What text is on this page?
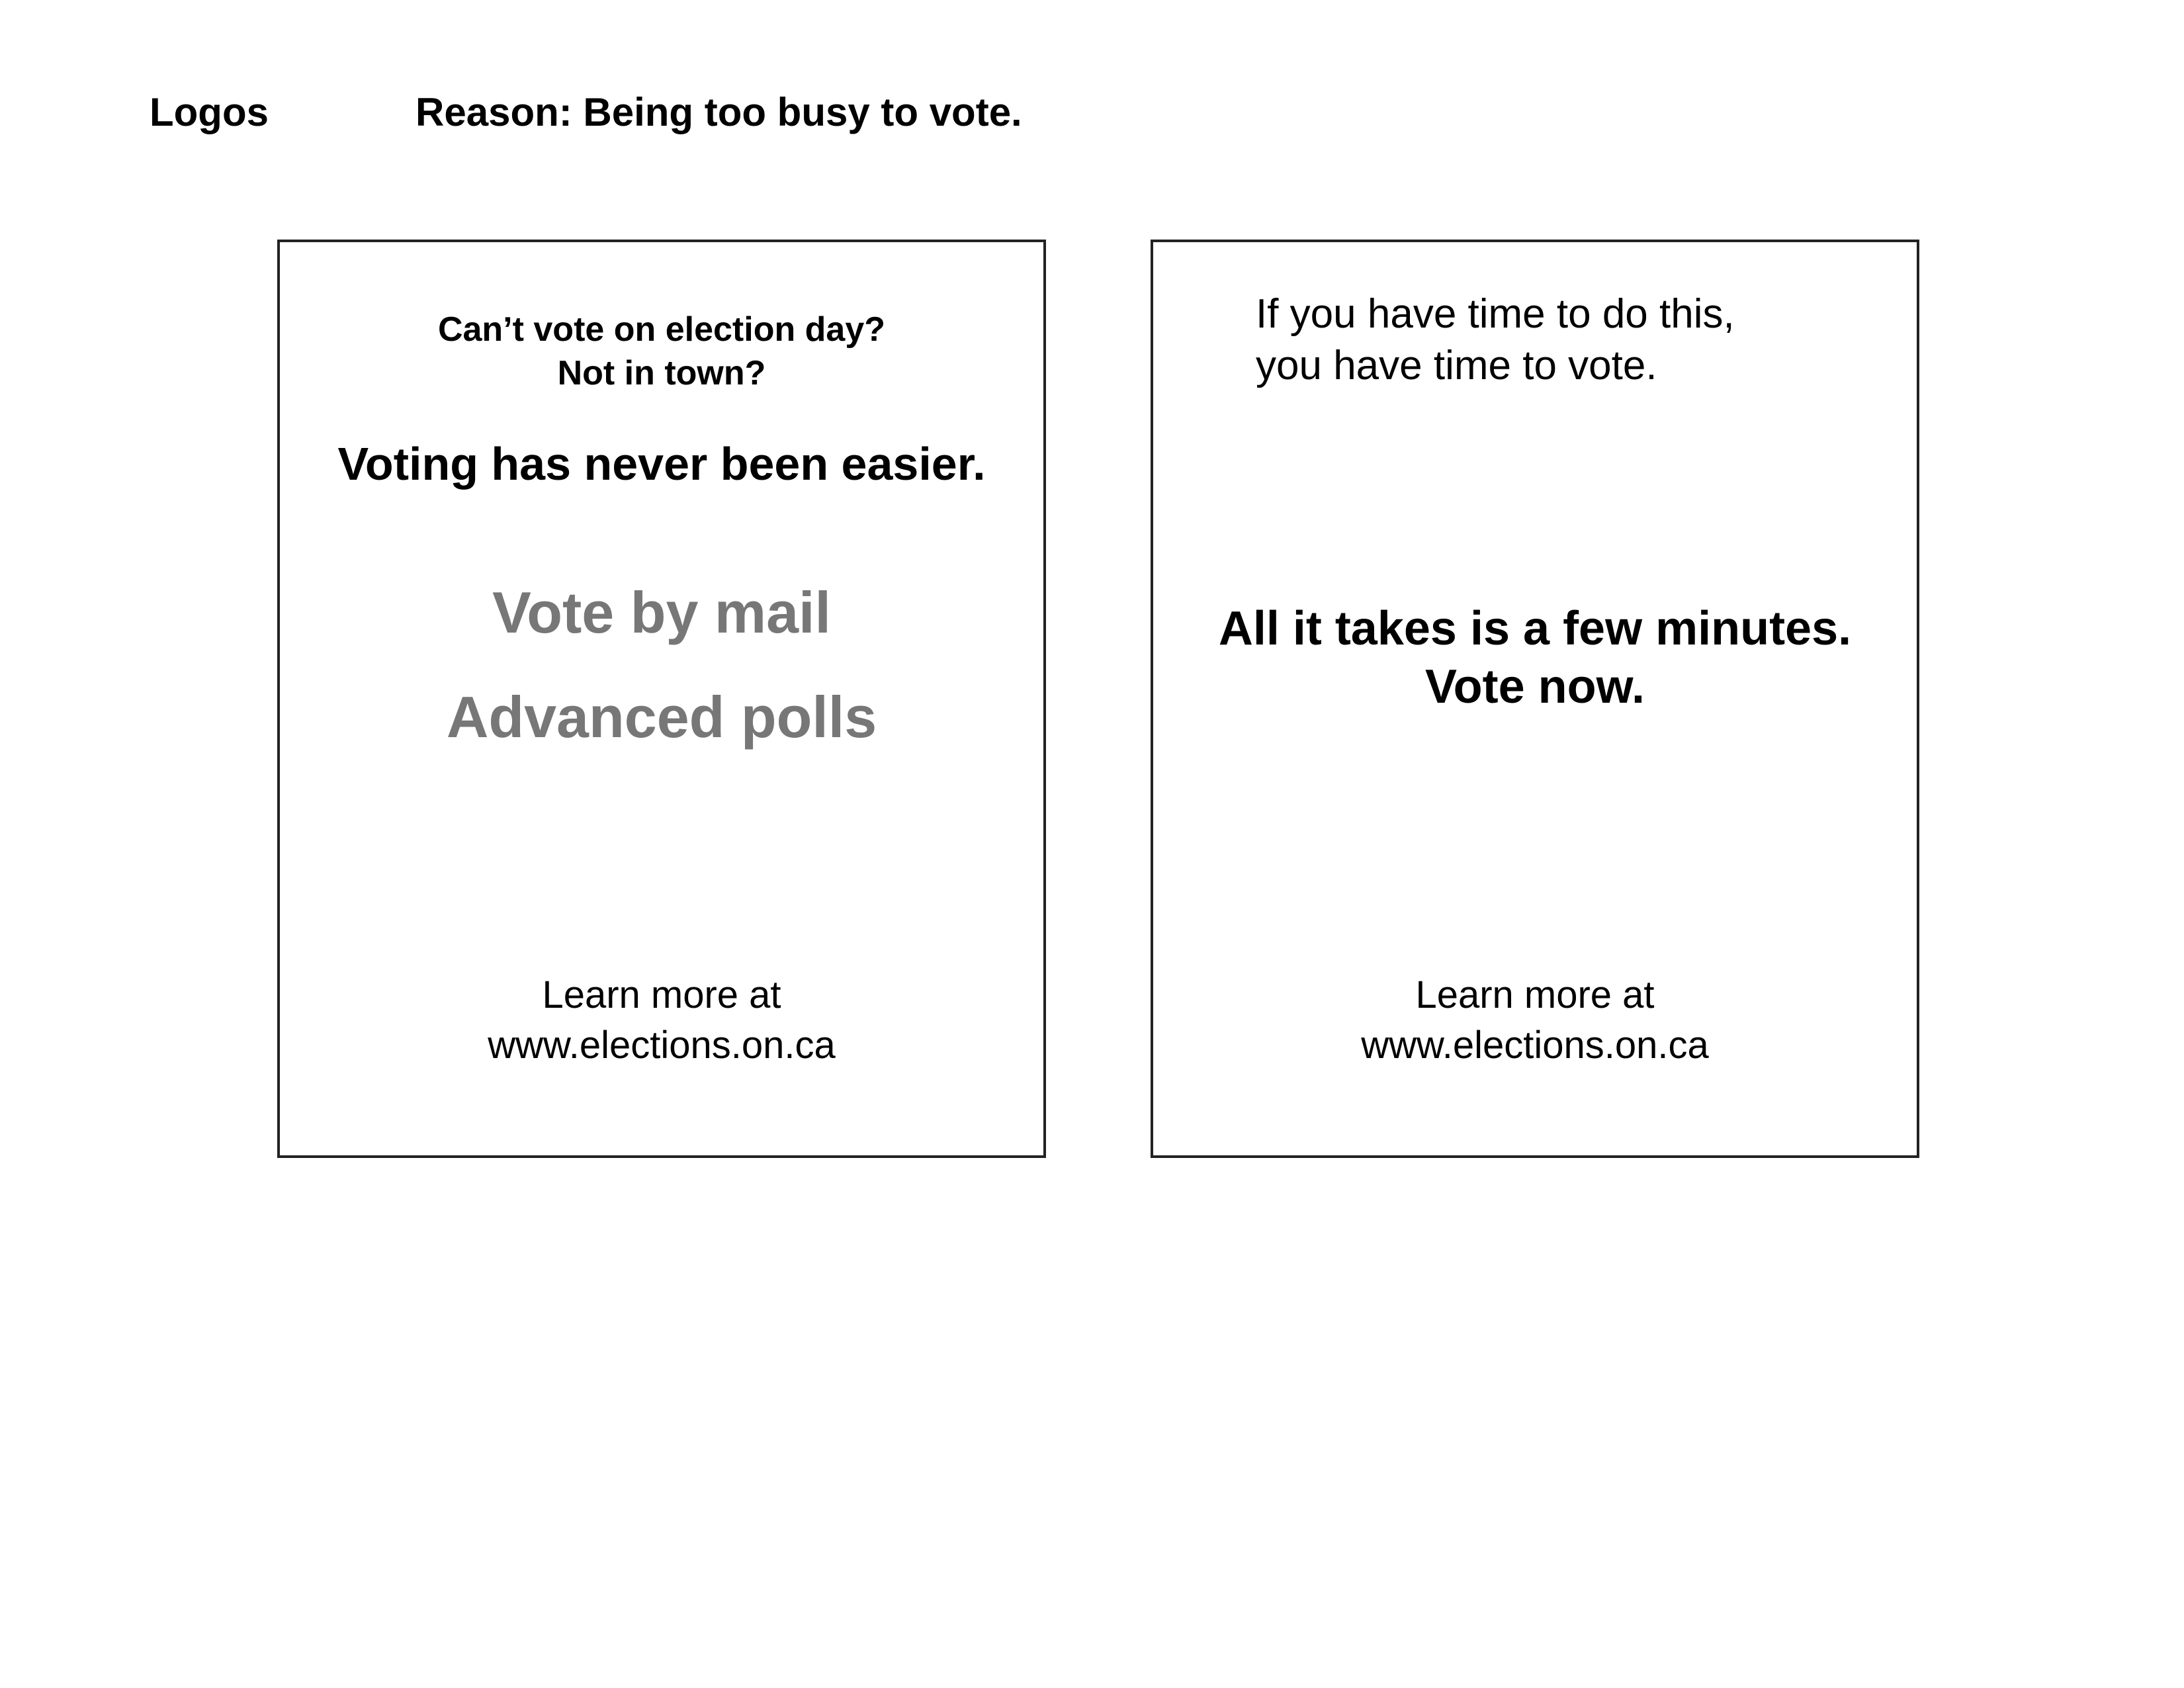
Logos	Reason: Being too busy to vote.
Can’t vote on election day?
Not in town?
Voting has never been easier.
Vote by mail
Advanced polls
Learn more at
www.elections.on.ca
If you have time to do this,
you have time to vote.
All it takes is a few minutes.
Vote now.
Learn more at
www.elections.on.ca
